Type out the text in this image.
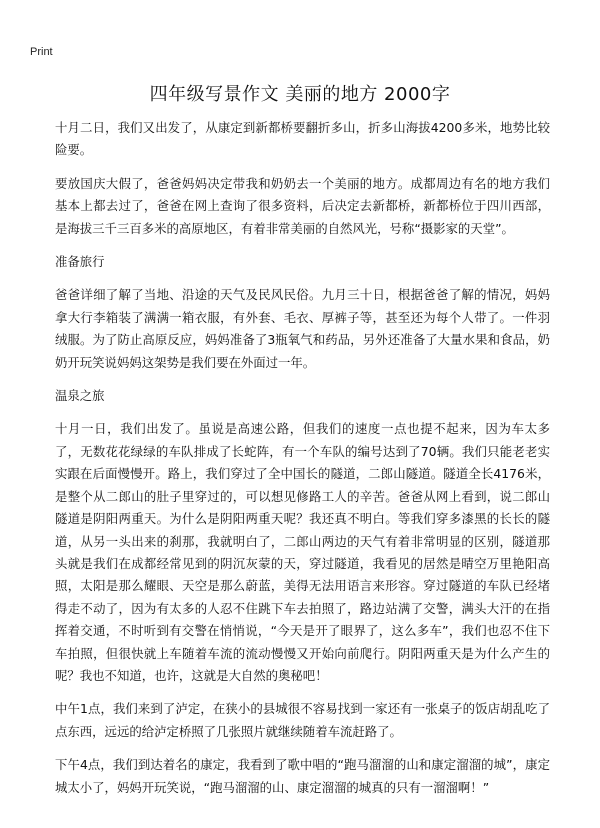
Print
四年级写景作文 美丽的地方 2000字

十月二日，我们又出发了，从康定到新都桥要翻折多山，折多山海拔4200多米，地势比较险要。

要放国庆大假了，爸爸妈妈决定带我和奶奶去一个美丽的地方。成都周边有名的地方我们基本上都去过了，爸爸在网上查询了很多资料，后决定去新都桥，新都桥位于四川西部，是海拔三千三百多米的高原地区，有着非常美丽的自然风光，号称“摄影家的天堂”。

准备旅行

爸爸详细了解了当地、沿途的天气及民风民俗。九月三十日，根据爸爸了解的情况，妈妈拿大行李箱装了满满一箱衣服，有外套、毛衣、厚裤子等，甚至还为每个人带了。一件羽绒服。为了防止高原反应，妈妈准备了3瓶氧气和药品，另外还准备了大量水果和食品，奶奶开玩笑说妈妈这架势是我们要在外面过一年。

温泉之旅

十月一日，我们出发了。虽说是高速公路，但我们的速度一点也提不起来，因为车太多了，无数花花绿绿的车队排成了长蛇阵，有一个车队的编号达到了70辆。我们只能老老实实跟在后面慢慢开。路上，我们穿过了全中国长的隧道，二郎山隧道。隧道全长4176米，是整个从二郎山的肚子里穿过的，可以想见修路工人的辛苦。爸爸从网上看到，说二郎山隧道是阴阳两重天。为什么是阴阳两重天呢？我还真不明白。等我们穿多漆黑的长长的隧道，从另一头出来的刹那，我就明白了，二郎山两边的天气有着非常明显的区别，隧道那头就是我们在成都经常见到的阴沉灰蒙的天，穿过隧道，我看见的居然是晴空万里艳阳高照，太阳是那么耀眼、天空是那么蔚蓝，美得无法用语言来形容。穿过隧道的车队已经堵得走不动了，因为有太多的人忍不住跳下车去拍照了，路边站满了交警，满头大汗的在指挥着交通，不时听到有交警在悄悄说，“今天是开了眼界了，这么多车”，我们也忍不住下车拍照，但很快就上车随着车流的流动慢慢又开始向前爬行。阴阳两重天是为什么产生的呢？我也不知道，也许，这就是大自然的奥秘吧！

中午1点，我们来到了泸定，在狭小的县城很不容易找到一家还有一张桌子的饭店胡乱吃了点东西，远远的给泸定桥照了几张照片就继续随着车流赶路了。

下午4点，我们到达着名的康定，我看到了歌中唱的“跑马溜溜的山和康定溜溜的城”，康定城太小了，妈妈开玩笑说，“跑马溜溜的山、康定溜溜的城真的只有一溜溜啊！”
